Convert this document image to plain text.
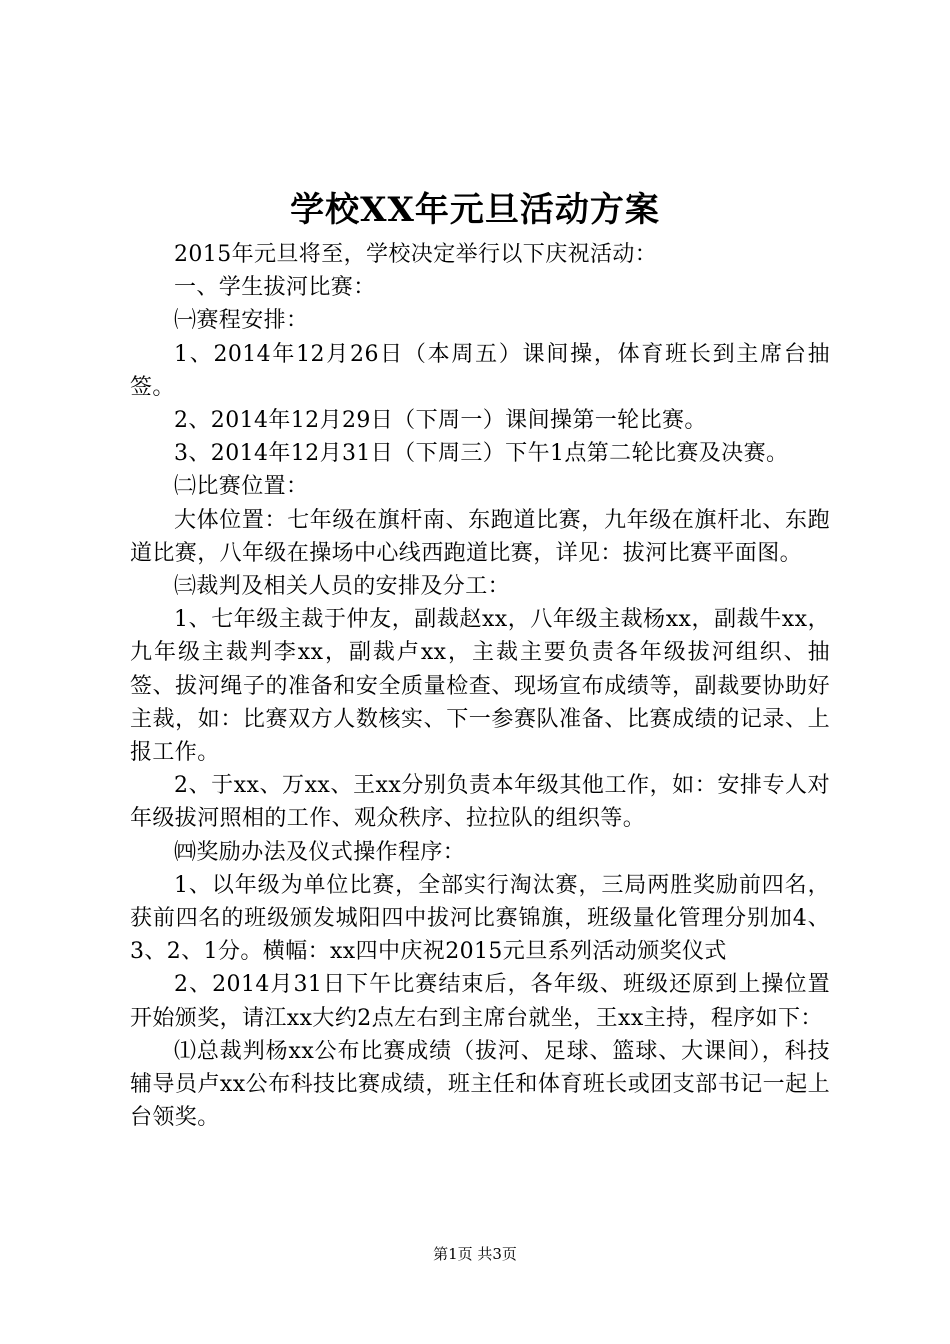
学校XX年元旦活动方案

2015年元旦将至，学校决定举行以下庆祝活动：

一、学生拔河比赛：

㈠赛程安排：

1、2014年12月26日（本周五）课间操，体育班长到主席台抽签。

2、2014年12月29日（下周一）课间操第一轮比赛。

3、2014年12月31日（下周三）下午1点第二轮比赛及决赛。

㈡比赛位置：

大体位置：七年级在旗杆南、东跑道比赛，九年级在旗杆北、东跑道比赛，八年级在操场中心线西跑道比赛，详见：拔河比赛平面图。

㈢裁判及相关人员的安排及分工：

1、七年级主裁于仲友，副裁赵xx，八年级主裁杨xx，副裁牛xx，九年级主裁判李xx，副裁卢xx，主裁主要负责各年级拔河组织、抽签、拔河绳子的准备和安全质量检查、现场宣布成绩等，副裁要协助好主裁，如：比赛双方人数核实、下一参赛队准备、比赛成绩的记录、上报工作。

2、于xx、万xx、王xx分别负责本年级其他工作，如：安排专人对年级拔河照相的工作、观众秩序、拉拉队的组织等。

㈣奖励办法及仪式操作程序：

1、以年级为单位比赛，全部实行淘汰赛，三局两胜奖励前四名，获前四名的班级颁发城阳四中拔河比赛锦旗，班级量化管理分别加4、3、2、1分。横幅：xx四中庆祝2015元旦系列活动颁奖仪式

2、2014月31日下午比赛结束后，各年级、班级还原到上操位置开始颁奖，请江xx大约2点左右到主席台就坐，王xx主持，程序如下：

⑴总裁判杨xx公布比赛成绩（拔河、足球、篮球、大课间），科技辅导员卢xx公布科技比赛成绩，班主任和体育班长或团支部书记一起上台领奖。

第1页 共3页
